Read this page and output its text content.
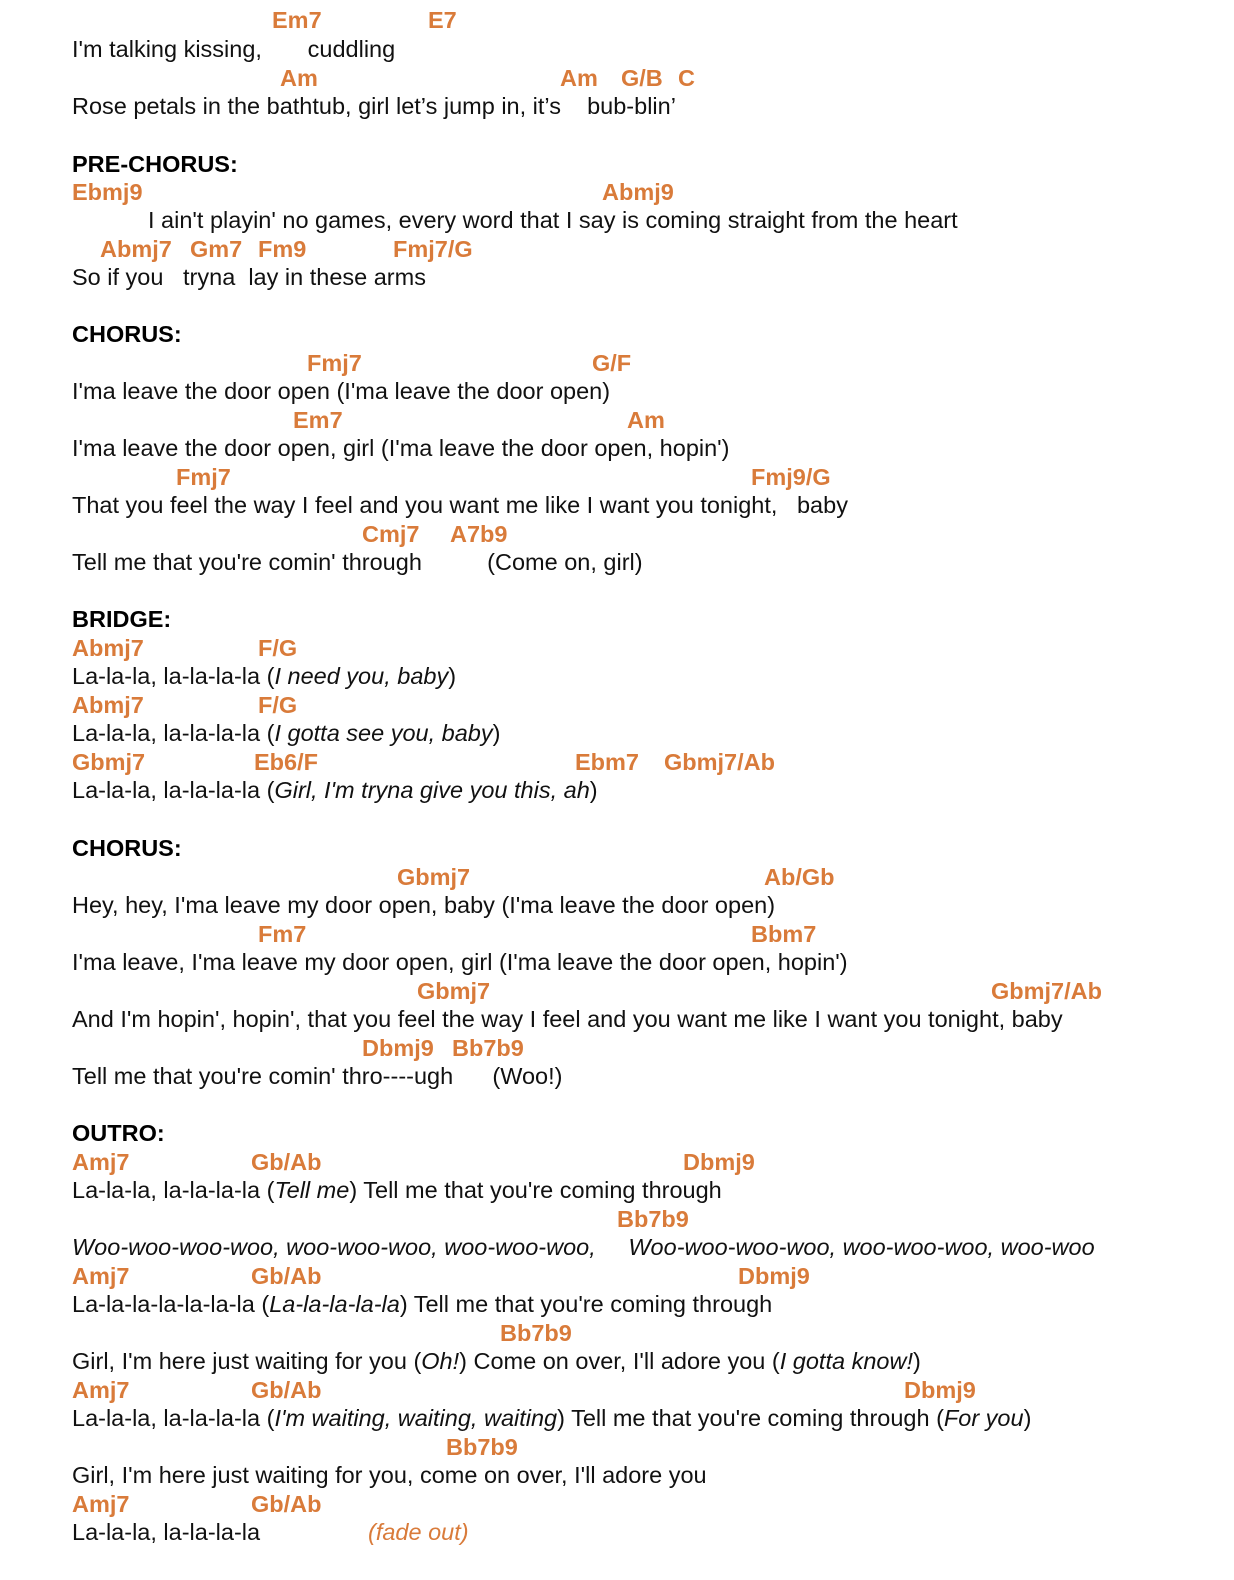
Em7	E7
I'm talking kissing,       cuddling
Am	Am G/B C
Rose petals in the bathtub, girl let’s jump in, it’s    bub-blin’
PRE-CHORUS:
Ebmj9	Abmj9
I ain't playin' no games, every word that I say is coming straight from the heart
Abmj7 Gm7 Fm9	Fmj7/G
So if you   tryna  lay in these arms
CHORUS:
Fmj7	G/F
I'ma leave the door open (I'ma leave the door open)
Em7	Am
I'ma leave the door open, girl (I'ma leave the door open, hopin')
Fmj7	Fmj9/G
That you feel the way I feel and you want me like I want you tonight,   baby
Cmj7 A7b9
Tell me that you're comin' through          (Come on, girl)
BRIDGE:
Abmj7	F/G
La-la-la, la-la-la-la (I need you, baby)
Abmj7	F/G
La-la-la, la-la-la-la (I gotta see you, baby)
Gbmj7	Eb6/F	Ebm7 Gbmj7/Ab
La-la-la, la-la-la-la (Girl, I'm tryna give you this, ah)
CHORUS:
Gbmj7	Ab/Gb
Hey, hey, I'ma leave my door open, baby (I'ma leave the door open)
Fm7	Bbm7
I'ma leave, I'ma leave my door open, girl (I'ma leave the door open, hopin')
Gbmj7	Gbmj7/Ab
And I'm hopin', hopin', that you feel the way I feel and you want me like I want you tonight, baby
Dbmj9 Bb7b9
Tell me that you're comin' thro----ugh      (Woo!)
OUTRO:
Amj7	Gb/Ab	Dbmj9
La-la-la, la-la-la-la (Tell me) Tell me that you're coming through
Bb7b9
Woo-woo-woo-woo, woo-woo-woo, woo-woo-woo,     Woo-woo-woo-woo, woo-woo-woo, woo-woo
Amj7	Gb/Ab	Dbmj9
La-la-la-la-la-la-la (La-la-la-la-la) Tell me that you're coming through
Bb7b9
Girl, I'm here just waiting for you (Oh!) Come on over, I'll adore you (I gotta know!)
Amj7	Gb/Ab	Dbmj9
La-la-la, la-la-la-la (I'm waiting, waiting, waiting) Tell me that you're coming through (For you)
Bb7b9
Girl, I'm here just waiting for you, come on over, I'll adore you
Amj7	Gb/Ab
La-la-la, la-la-la-la	(fade out)
